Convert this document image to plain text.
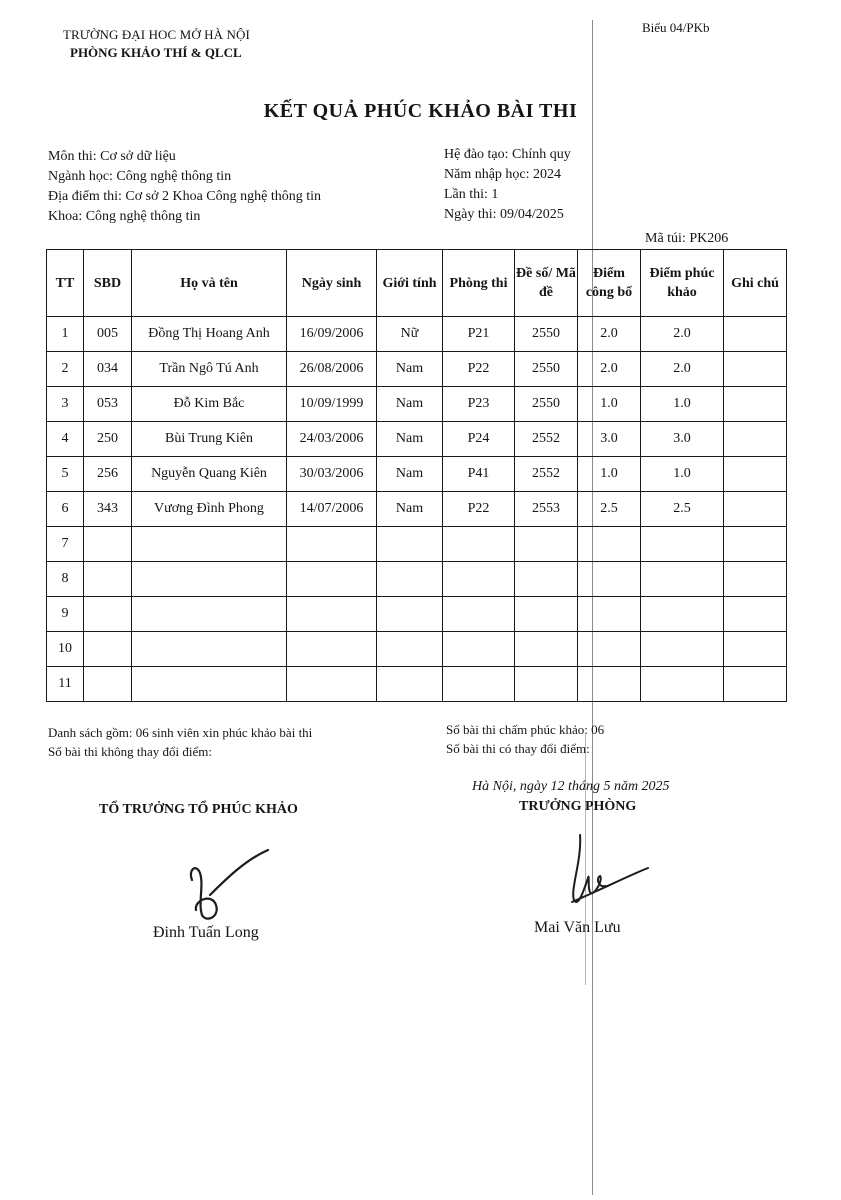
TRƯỜNG ĐẠI HOC MỞ HÀ NỘI
PHÒNG KHẢO THÍ & QLCL
Biểu 04/PKb
KẾT QUẢ PHÚC KHẢO BÀI THI
Môn thi: Cơ sở dữ liệu
Ngành học: Công nghệ thông tin
Địa điểm thi: Cơ sở 2 Khoa Công nghệ thông tin
Khoa: Công nghệ thông tin
Hệ đào tạo: Chính quy
Năm nhập học: 2024
Lần thi: 1
Ngày thi: 09/04/2025
Mã túi: PK206
TT	SBD	Họ và tên	Ngày sinh	Giới tính	Phòng thi	Đề số/ Mã đề	Điểm công bố	Điểm phúc khảo	Ghi chú
1	005	Đồng Thị Hoang Anh	16/09/2006	Nữ	P21	2550	2.0	2.0	
2	034	Trần Ngô Tú Anh	26/08/2006	Nam	P22	2550	2.0	2.0	
3	053	Đỗ Kim Bắc	10/09/1999	Nam	P23	2550	1.0	1.0	
4	250	Bùi Trung Kiên	24/03/2006	Nam	P24	2552	3.0	3.0	
5	256	Nguyễn Quang Kiên	30/03/2006	Nam	P41	2552	1.0	1.0	
6	343	Vương Đình Phong	14/07/2006	Nam	P22	2553	2.5	2.5	
7									
8									
9									
10									
11									
Danh sách gồm: 06 sinh viên xin phúc khảo bài thi
Số bài thi không thay đổi điểm:
Số bài thi chấm phúc khảo: 06
Số bài thi có thay đổi điểm:
Hà Nội, ngày 12 tháng 5 năm 2025
TỔ TRƯỞNG TỔ PHÚC KHẢO	TRƯỞNG PHÒNG
Đinh Tuấn Long	Mai Văn Lưu
